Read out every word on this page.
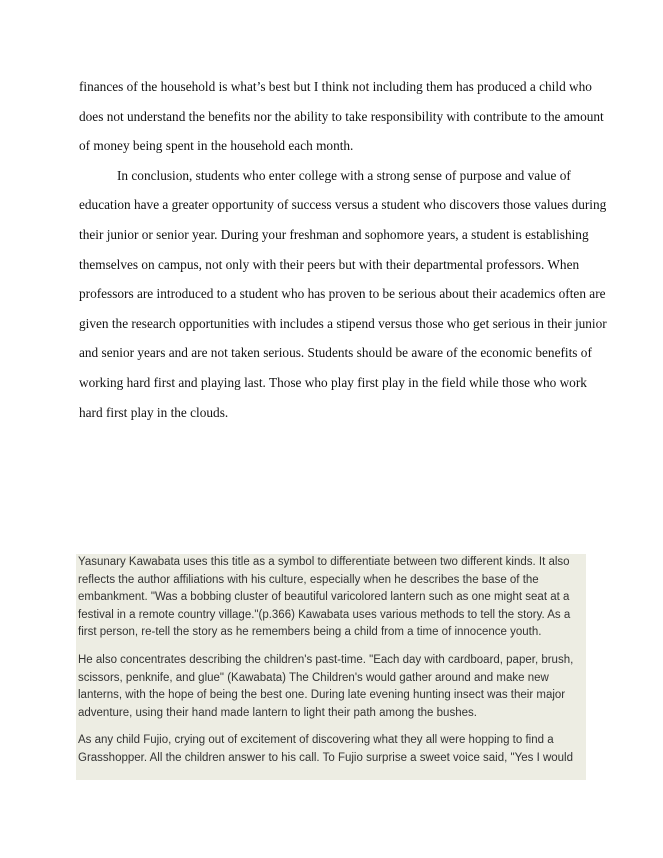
finances of the household is what’s best but I think not including them has produced a child who

does not understand the benefits nor the ability to take responsibility with contribute to the amount

of money being spent in the household each month.

In conclusion, students who enter college with a strong sense of purpose and value of

education have a greater opportunity of success versus a student who discovers those values during

their junior or senior year. During your freshman and sophomore years, a student is establishing

themselves on campus, not only with their peers but with their departmental professors. When

professors are introduced to a student who has proven to be serious about their academics often are

given the research opportunities with includes a stipend versus those who get serious in their junior

and senior years and are not taken serious. Students should be aware of the economic benefits of

working hard first and playing last. Those who play first play in the field while those who work

hard first play in the clouds.

Yasunary Kawabata uses this title as a symbol to differentiate between two different kinds. It also
reflects the author affiliations with his culture, especially when he describes the base of the
embankment. "Was a bobbing cluster of beautiful varicolored lantern such as one might seat at a
festival in a remote country village."(p.366) Kawabata uses various methods to tell the story. As a
first person, re-tell the story as he remembers being a child from a time of innocence youth.
He also concentrates describing the children's past-time. "Each day with cardboard, paper, brush,
scissors, penknife, and glue" (Kawabata) The Children's would gather around and make new
lanterns, with the hope of being the best one. During late evening hunting insect was their major
adventure, using their hand made lantern to light their path among the bushes.
As any child Fujio, crying out of excitement of discovering what they all were hopping to find a
Grasshopper. All the children answer to his call. To Fujio surprise a sweet voice said, "Yes I would
